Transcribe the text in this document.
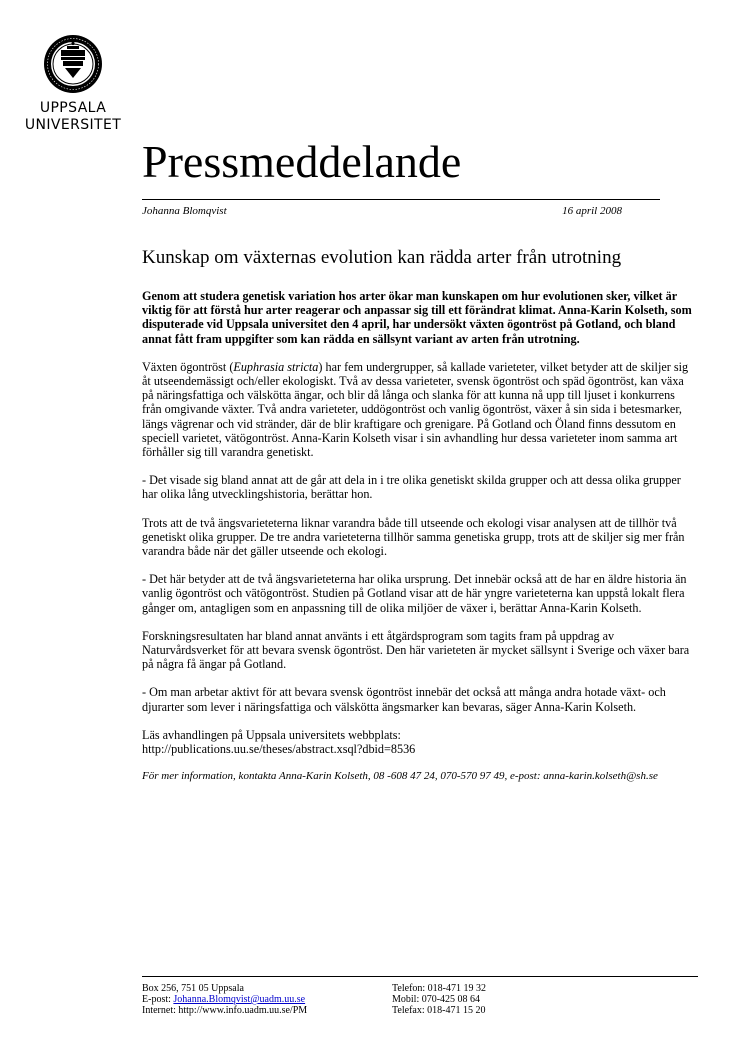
UPPSALA
UNIVERSITET
Pressmeddelande
Johanna Blomqvist	16 april 2008
Kunskap om växternas evolution kan rädda arter från utrotning

Genom att studera genetisk variation hos arter ökar man kunskapen om hur evolutionen sker, vilket är viktig för att förstå hur arter reagerar och anpassar sig till ett förändrat klimat. Anna-Karin Kolseth, som disputerade vid Uppsala universitet den 4 april, har undersökt växten ögontröst på Gotland, och bland annat fått fram uppgifter som kan rädda en sällsynt variant av arten från utrotning.

Växten ögontröst (Euphrasia stricta) har fem undergrupper, så kallade varieteter, vilket betyder att de skiljer sig åt utseendemässigt och/eller ekologiskt. Två av dessa varieteter, svensk ögontröst och späd ögontröst, kan växa på näringsfattiga och välskötta ängar, och blir då långa och slanka för att kunna nå upp till ljuset i konkurrens från omgivande växter. Två andra varieteter, uddögontröst och vanlig ögontröst, växer å sin sida i betesmarker, längs vägrenar och vid stränder, där de blir kraftigare och grenigare. På Gotland och Öland finns dessutom en speciell varietet, vätögontröst. Anna-Karin Kolseth visar i sin avhandling hur dessa varieteter inom samma art förhåller sig till varandra genetiskt.

- Det visade sig bland annat att de går att dela in i tre olika genetiskt skilda grupper och att dessa olika grupper har olika lång utvecklingshistoria, berättar hon.

Trots att de två ängsvarieteterna liknar varandra både till utseende och ekologi visar analysen att de tillhör två genetiskt olika grupper. De tre andra varieteterna tillhör samma genetiska grupp, trots att de skiljer sig mer från varandra både när det gäller utseende och ekologi.

- Det här betyder att de två ängsvarieteterna har olika ursprung. Det innebär också att de har en äldre historia än vanlig ögontröst och vätögontröst. Studien på Gotland visar att de här yngre varieteterna kan uppstå lokalt flera gånger om, antagligen som en anpassning till de olika miljöer de växer i, berättar Anna-Karin Kolseth.

Forskningsresultaten har bland annat använts i ett åtgärdsprogram som tagits fram på uppdrag av Naturvårdsverket för att bevara svensk ögontröst. Den här varieteten är mycket sällsynt i Sverige och växer bara på några få ängar på Gotland.

- Om man arbetar aktivt för att bevara svensk ögontröst innebär det också att många andra hotade växt- och djurarter som lever i näringsfattiga och välskötta ängsmarker kan bevaras, säger Anna-Karin Kolseth.

Läs avhandlingen på Uppsala universitets webbplats:
http://publications.uu.se/theses/abstract.xsql?dbid=8536

För mer information, kontakta Anna-Karin Kolseth, 08 -608 47 24, 070-570 97 49, e-post: anna-karin.kolseth@sh.se

Box 256, 751 05 Uppsala
E-post: Johanna.Blomqvist@uadm.uu.se
Internet: http://www.info.uadm.uu.se/PM
Telefon: 018-471 19 32
Mobil: 070-425 08 64
Telefax: 018-471 15 20
